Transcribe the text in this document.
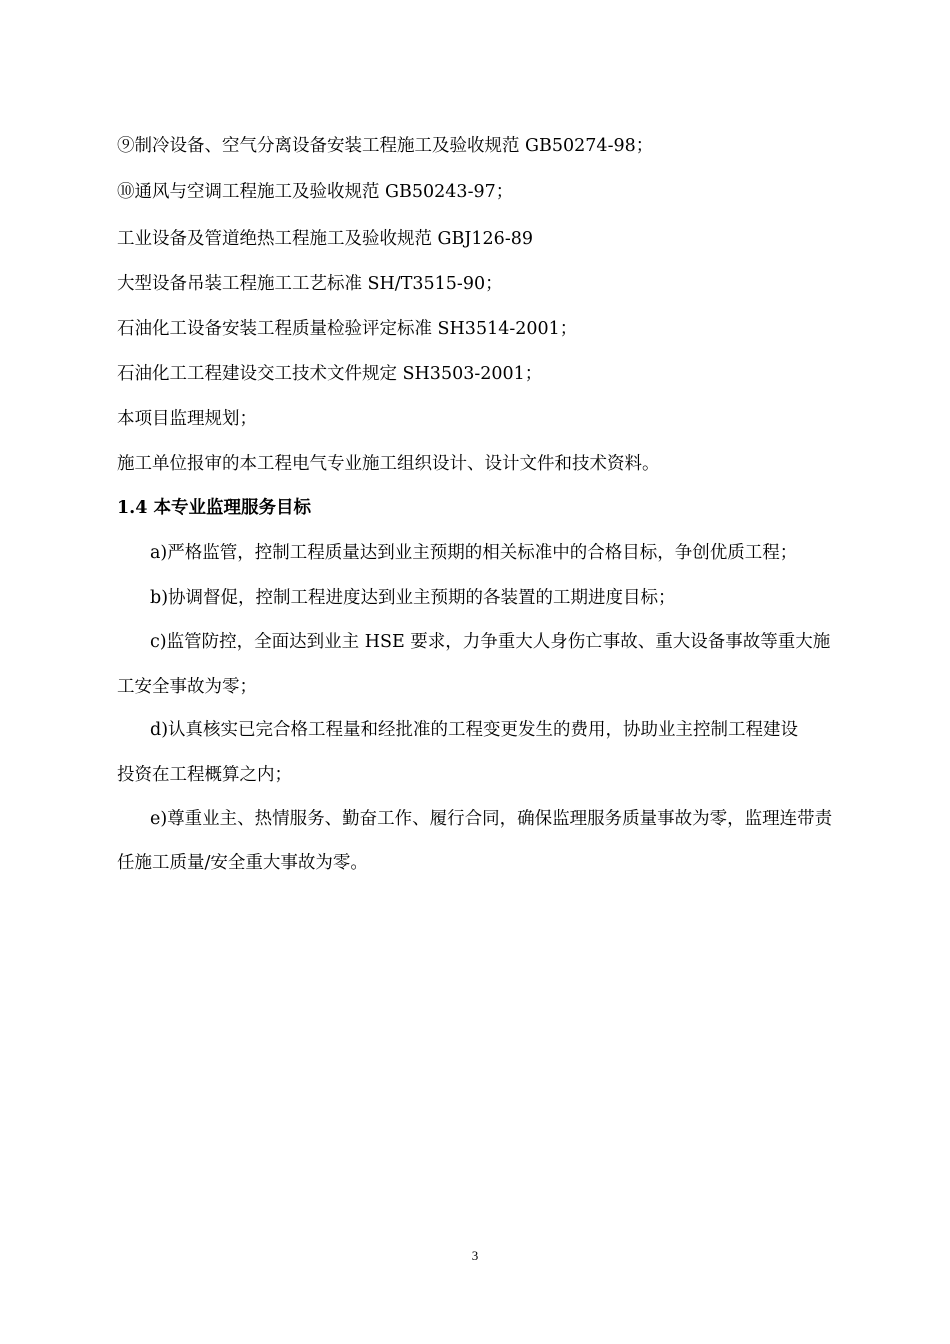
⑨制冷设备、空气分离设备安装工程施工及验收规范 GB50274-98；
⑩通风与空调工程施工及验收规范 GB50243-97；
工业设备及管道绝热工程施工及验收规范 GBJ126-89
大型设备吊装工程施工工艺标准 SH/T3515-90；
石油化工设备安装工程质量检验评定标准 SH3514-2001；
石油化工工程建设交工技术文件规定 SH3503-2001；
本项目监理规划；
施工单位报审的本工程电气专业施工组织设计、设计文件和技术资料。
1.4 本专业监理服务目标
a)严格监管，控制工程质量达到业主预期的相关标准中的合格目标，争创优质工程；
b)协调督促，控制工程进度达到业主预期的各装置的工期进度目标；
c)监管防控，全面达到业主 HSE 要求，力争重大人身伤亡事故、重大设备事故等重大施
工安全事故为零；
d)认真核实已完合格工程量和经批准的工程变更发生的费用，协助业主控制工程建设
投资在工程概算之内；
e)尊重业主、热情服务、勤奋工作、履行合同，确保监理服务质量事故为零，监理连带责
任施工质量/安全重大事故为零。
3
